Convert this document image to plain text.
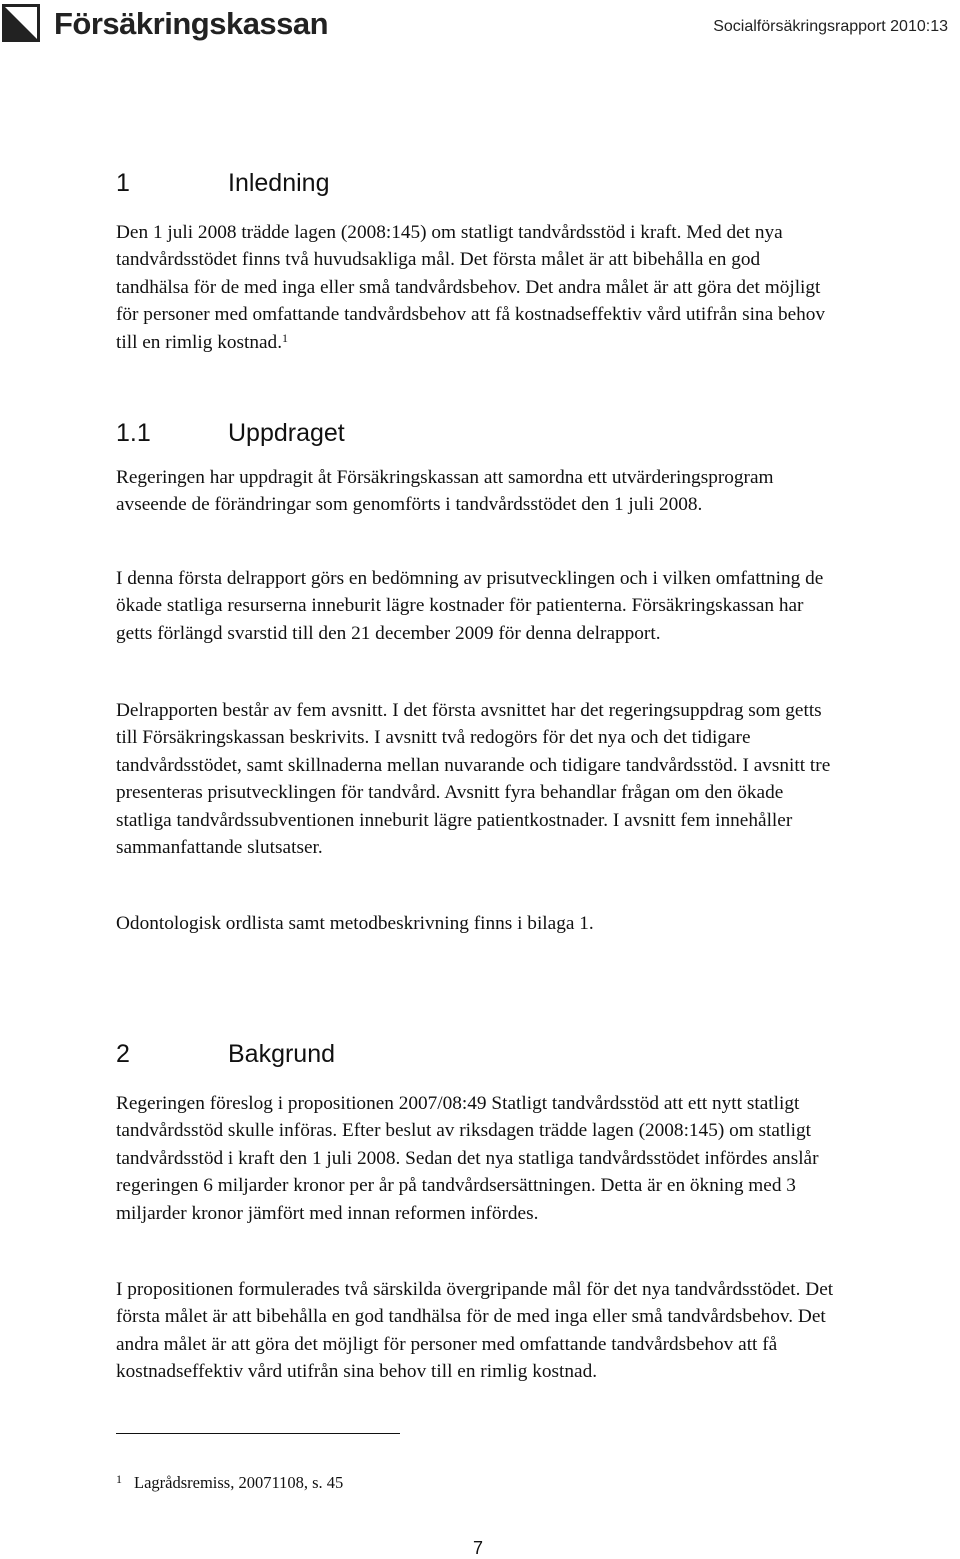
Försäkringskassan	Socialförsäkringsrapport 2010:13
1	Inledning

Den 1 juli 2008 trädde lagen (2008:145) om statligt tandvårdsstöd i kraft. Med det nya tandvårdsstödet finns två huvudsakliga mål. Det första målet är att bibehålla en god tandhälsa för de med inga eller små tandvårdsbehov. Det andra målet är att göra det möjligt för personer med omfattande tandvårdsbehov att få kostnadseffektiv vård utifrån sina behov till en rimlig kostnad.$^1$

1.1	Uppdraget

Regeringen har uppdragit åt Försäkringskassan att samordna ett utvärderingsprogram avseende de förändringar som genomförts i tandvårdsstödet den 1 juli 2008.

I denna första delrapport görs en bedömning av prisutvecklingen och i vilken omfattning de ökade statliga resurserna inneburit lägre kostnader för patienterna. Försäkringskassan har getts förlängd svarstid till den 21 december 2009 för denna delrapport.

Delrapporten består av fem avsnitt. I det första avsnittet har det regeringsuppdrag som getts till Försäkringskassan beskrivits. I avsnitt två redogörs för det nya och det tidigare tandvårdsstödet, samt skillnaderna mellan nuvarande och tidigare tandvårdsstöd. I avsnitt tre presenteras prisutvecklingen för tandvård. Avsnitt fyra behandlar frågan om den ökade statliga tandvårdssubventionen inneburit lägre patientkostnader. I avsnitt fem innehåller sammanfattande slutsatser.

Odontologisk ordlista samt metodbeskrivning finns i bilaga 1.

2	Bakgrund

Regeringen föreslog i propositionen 2007/08:49 Statligt tandvårdsstöd att ett nytt statligt tandvårdsstöd skulle införas. Efter beslut av riksdagen trädde lagen (2008:145) om statligt tandvårdsstöd i kraft den 1 juli 2008. Sedan det nya statliga tandvårdsstödet infördes anslår regeringen 6 miljarder kronor per år på tandvårdsersättningen. Detta är en ökning med 3 miljarder kronor jämfört med innan reformen infördes.

I propositionen formulerades två särskilda övergripande mål för det nya tandvårdsstödet. Det första målet är att bibehålla en god tandhälsa för de med inga eller små tandvårdsbehov. Det andra målet är att göra det möjligt för personer med omfattande tandvårdsbehov att få kostnadseffektiv vård utifrån sina behov till en rimlig kostnad.

$^1$ Lagrådsremiss, 20071108, s. 45
7
